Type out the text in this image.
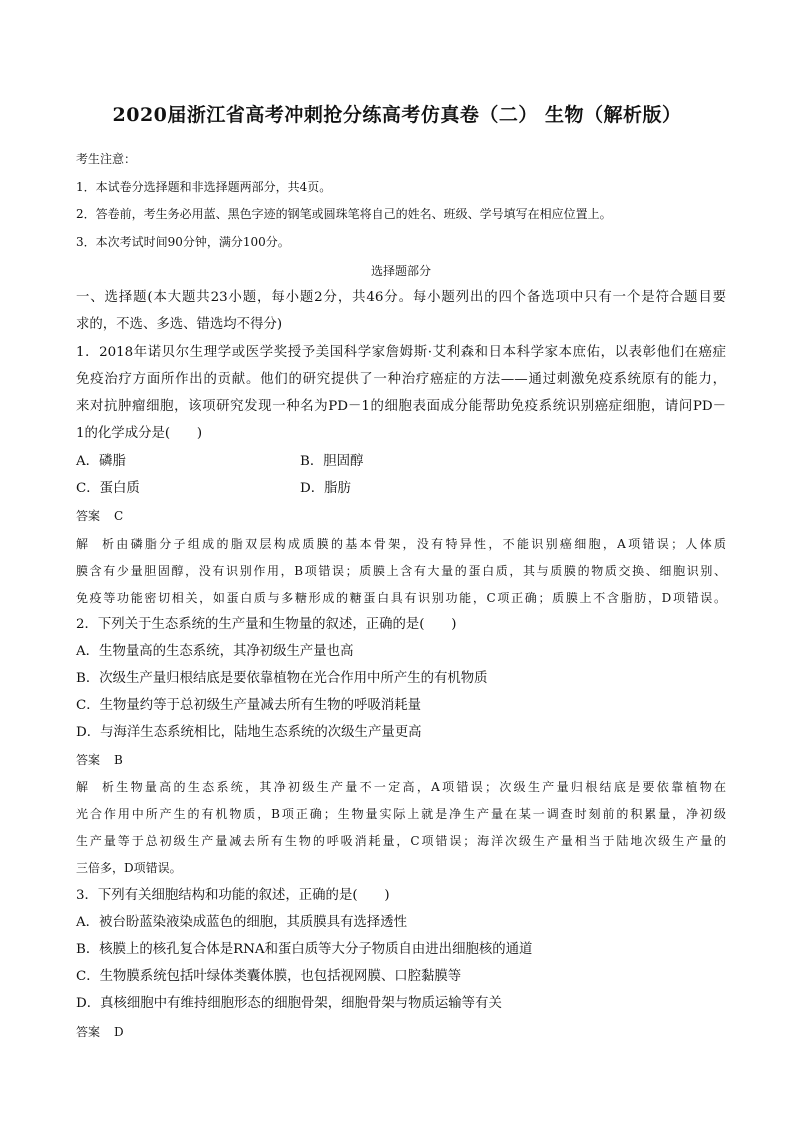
2020届浙江省高考冲刺抢分练高考仿真卷（二） 生物（解析版）
考生注意：
1．本试卷分选择题和非选择题两部分，共4页。
2．答卷前，考生务必用蓝、黑色字迹的钢笔或圆珠笔将自己的姓名、班级、学号填写在相应位置上。
3．本次考试时间90分钟，满分100分。
选择题部分
一、选择题(本大题共23小题，每小题2分，共46分。每小题列出的四个备选项中只有一个是符合题目要
求的，不选、多选、错选均不得分)
1．2018年诺贝尔生理学或医学奖授予美国科学家詹姆斯·艾利森和日本科学家本庶佑，以表彰他们在癌症
免疫治疗方面所作出的贡献。他们的研究提供了一种治疗癌症的方法——通过刺激免疫系统原有的能力，
来对抗肿瘤细胞，该项研究发现一种名为PD－1的细胞表面成分能帮助免疫系统识别癌症细胞，请问PD－
1的化学成分是(　　)
A．磷脂	B．胆固醇
C．蛋白质	D．脂肪
答案 C
解析由磷脂分子组成的脂双层构成质膜的基本骨架，没有特异性，不能识别癌细胞，A项错误；人体质
膜含有少量胆固醇，没有识别作用，B项错误；质膜上含有大量的蛋白质，其与质膜的物质交换、细胞识别、
免疫等功能密切相关，如蛋白质与多糖形成的糖蛋白具有识别功能，C项正确；质膜上不含脂肪，D项错误。
2．下列关于生态系统的生产量和生物量的叙述，正确的是(　　)
A．生物量高的生态系统，其净初级生产量也高
B．次级生产量归根结底是要依靠植物在光合作用中所产生的有机物质
C．生物量约等于总初级生产量减去所有生物的呼吸消耗量
D．与海洋生态系统相比，陆地生态系统的次级生产量更高
答案 B
解析生物量高的生态系统，其净初级生产量不一定高，A项错误；次级生产量归根结底是要依靠植物在
光合作用中所产生的有机物质，B项正确；生物量实际上就是净生产量在某一调查时刻前的积累量，净初级
生产量等于总初级生产量减去所有生物的呼吸消耗量，C项错误；海洋次级生产量相当于陆地次级生产量的
三倍多，D项错误。
3．下列有关细胞结构和功能的叙述，正确的是(　　)
A．被台盼蓝染液染成蓝色的细胞，其质膜具有选择透性
B．核膜上的核孔复合体是RNA和蛋白质等大分子物质自由进出细胞核的通道
C．生物膜系统包括叶绿体类囊体膜，也包括视网膜、口腔黏膜等
D．真核细胞中有维持细胞形态的细胞骨架，细胞骨架与物质运输等有关
答案 D
